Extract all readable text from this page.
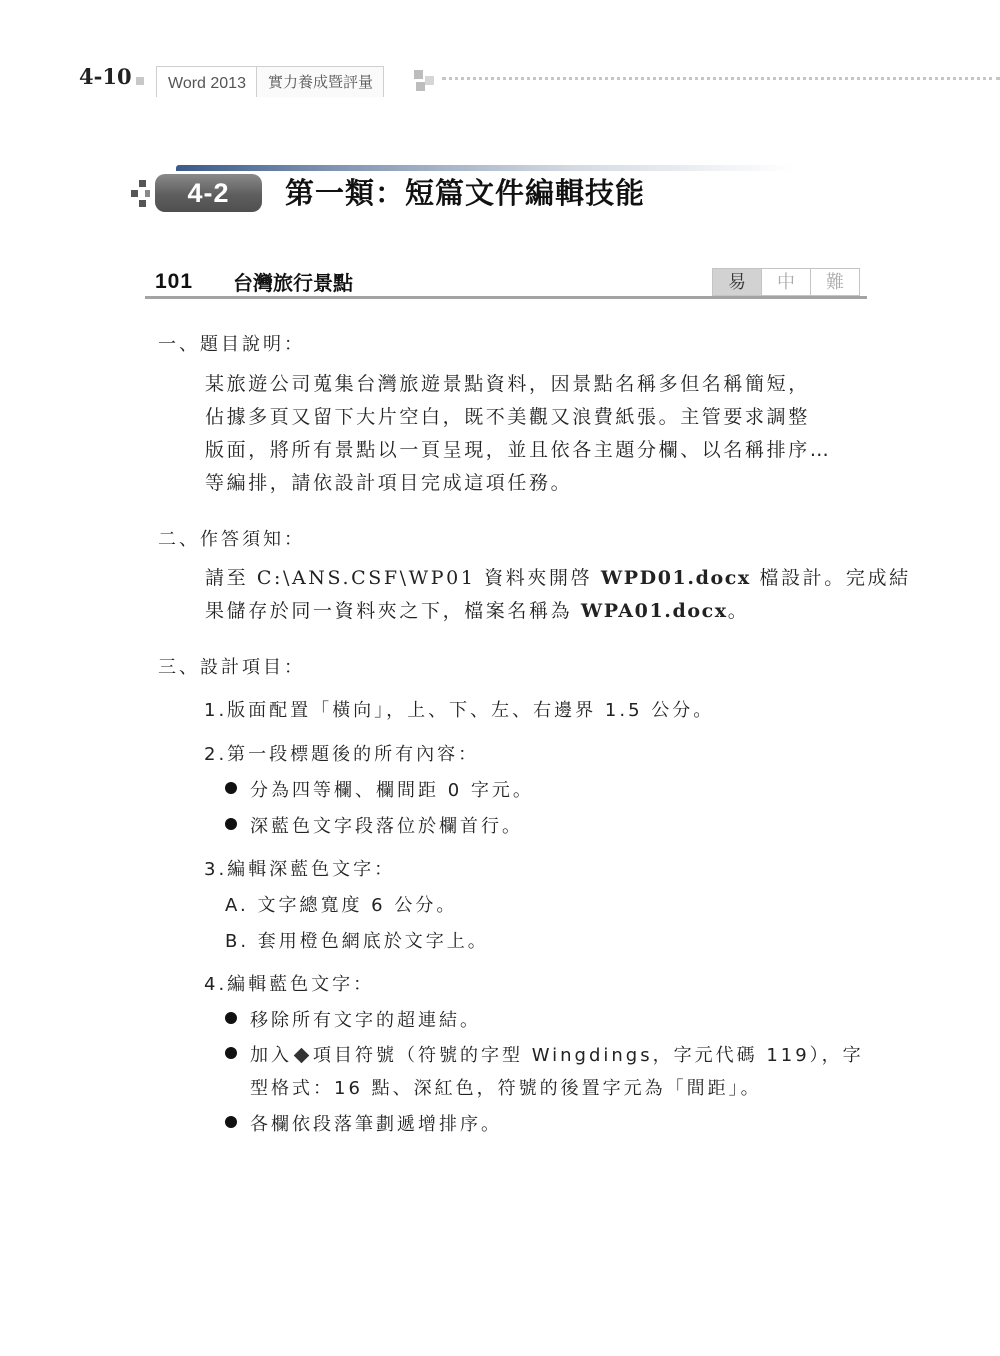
4-10	Word 2013	實力養成暨評量
4-2	第一類：短篇文件編輯技能
101 台灣旅行景點	易	中	難
一、題目說明：
某旅遊公司蒐集台灣旅遊景點資料，因景點名稱多但名稱簡短，
佔據多頁又留下大片空白，既不美觀又浪費紙張。主管要求調整
版面，將所有景點以一頁呈現，並且依各主題分欄、以名稱排序…
等編排，請依設計項目完成這項任務。
二、作答須知：
請至 C:\ANS.CSF\WP01 資料夾開啓 WPD01.docx 檔設計。完成結
果儲存於同一資料夾之下，檔案名稱為 WPA01.docx。
三、設計項目：
1.版面配置「橫向」，上、下、左、右邊界 1.5 公分。
2.第一段標題後的所有內容：
分為四等欄、欄間距 0 字元。
深藍色文字段落位於欄首行。
3.編輯深藍色文字：
A. 文字總寬度 6 公分。
B. 套用橙色網底於文字上。
4.編輯藍色文字：
移除所有文字的超連結。
加入 項目符號（符號的字型 Wingdings，字元代碼 119），字
型格式：16 點、深紅色，符號的後置字元為「間距」。
各欄依段落筆劃遞增排序。
